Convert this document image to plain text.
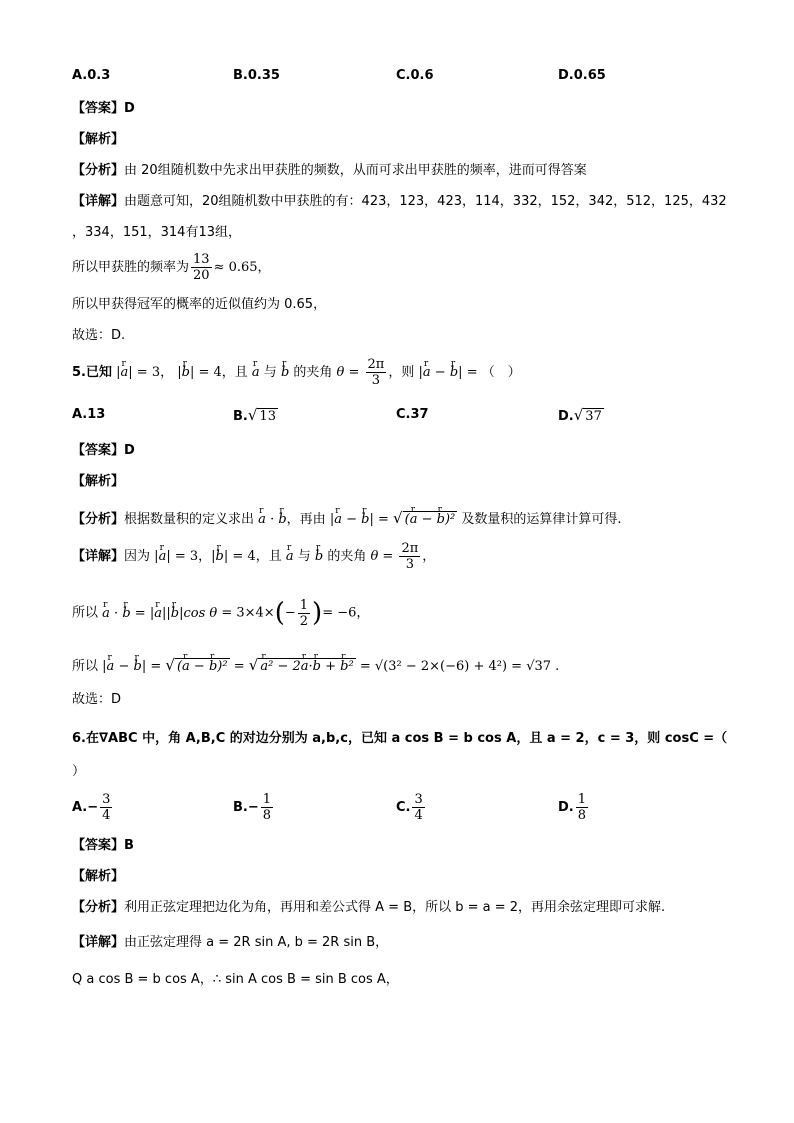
A.0.3	B.0.35	C.0.6	D.0.65
【答案】D
【解析】
【分析】由 20组随机数中先求出甲获胜的频数，从而可求出甲获胜的频率，进而可得答案
【详解】由题意可知，20组随机数中甲获胜的有：423，123，423，114，332，152，342，512，125，432
，334，151，314有13组，
所以甲获胜的频率为 $\frac{13}{20} \approx 0.65$，
所以甲获得冠军的概率的近似值约为 0.65，
故选：D.
5.已知 |r a| = 3， |r b| = 4，且 r a 与 r b 的夹角 $\theta = \frac{2\pi}{3}$ ，则 |r a − r b| = （　）
A.13	B.√ 13	C.37	D.√ 37
【答案】D
【解析】
【分析】根据数量积的定义求出 r a · r b，再由 |r a − r b| = √ (r a − r b)² 及数量积的运算律计算可得.
【详解】因为 |r a| = 3，|r b| = 4，且 r a 与 r b 的夹角 $\theta = \frac{2\pi}{3}$ ，
所以 r a · r b = |r a||r b|cos $\theta = 3\times 4\times(- \frac{1}{2}$ )= −6，
所以 |r a − r b| = √ (r a − r b)² = √ r a² − 2r a·r b + r b² = √(3² − 2×(−6) + 4²) = √37 .
故选：D
6.在∇ABC 中，角 A,B,C 的对边分别为 a,b,c，已知 a cos B = b cos A，且 a = 2，c = 3，则 cosC =（
）
$A.- \frac{3}{4}$	$B.- \frac{1}{8}$	C. $\frac{3}{4}$	D. $\frac{1}{8}$
【答案】B
【解析】
【分析】利用正弦定理把边化为角，再用和差公式得 A = B，所以 b = a = 2，再用余弦定理即可求解.
【详解】由正弦定理得 a = 2R sin A, b = 2R sin B，
Q a cos B = b cos A，∴ sin A cos B = sin B cos A，
